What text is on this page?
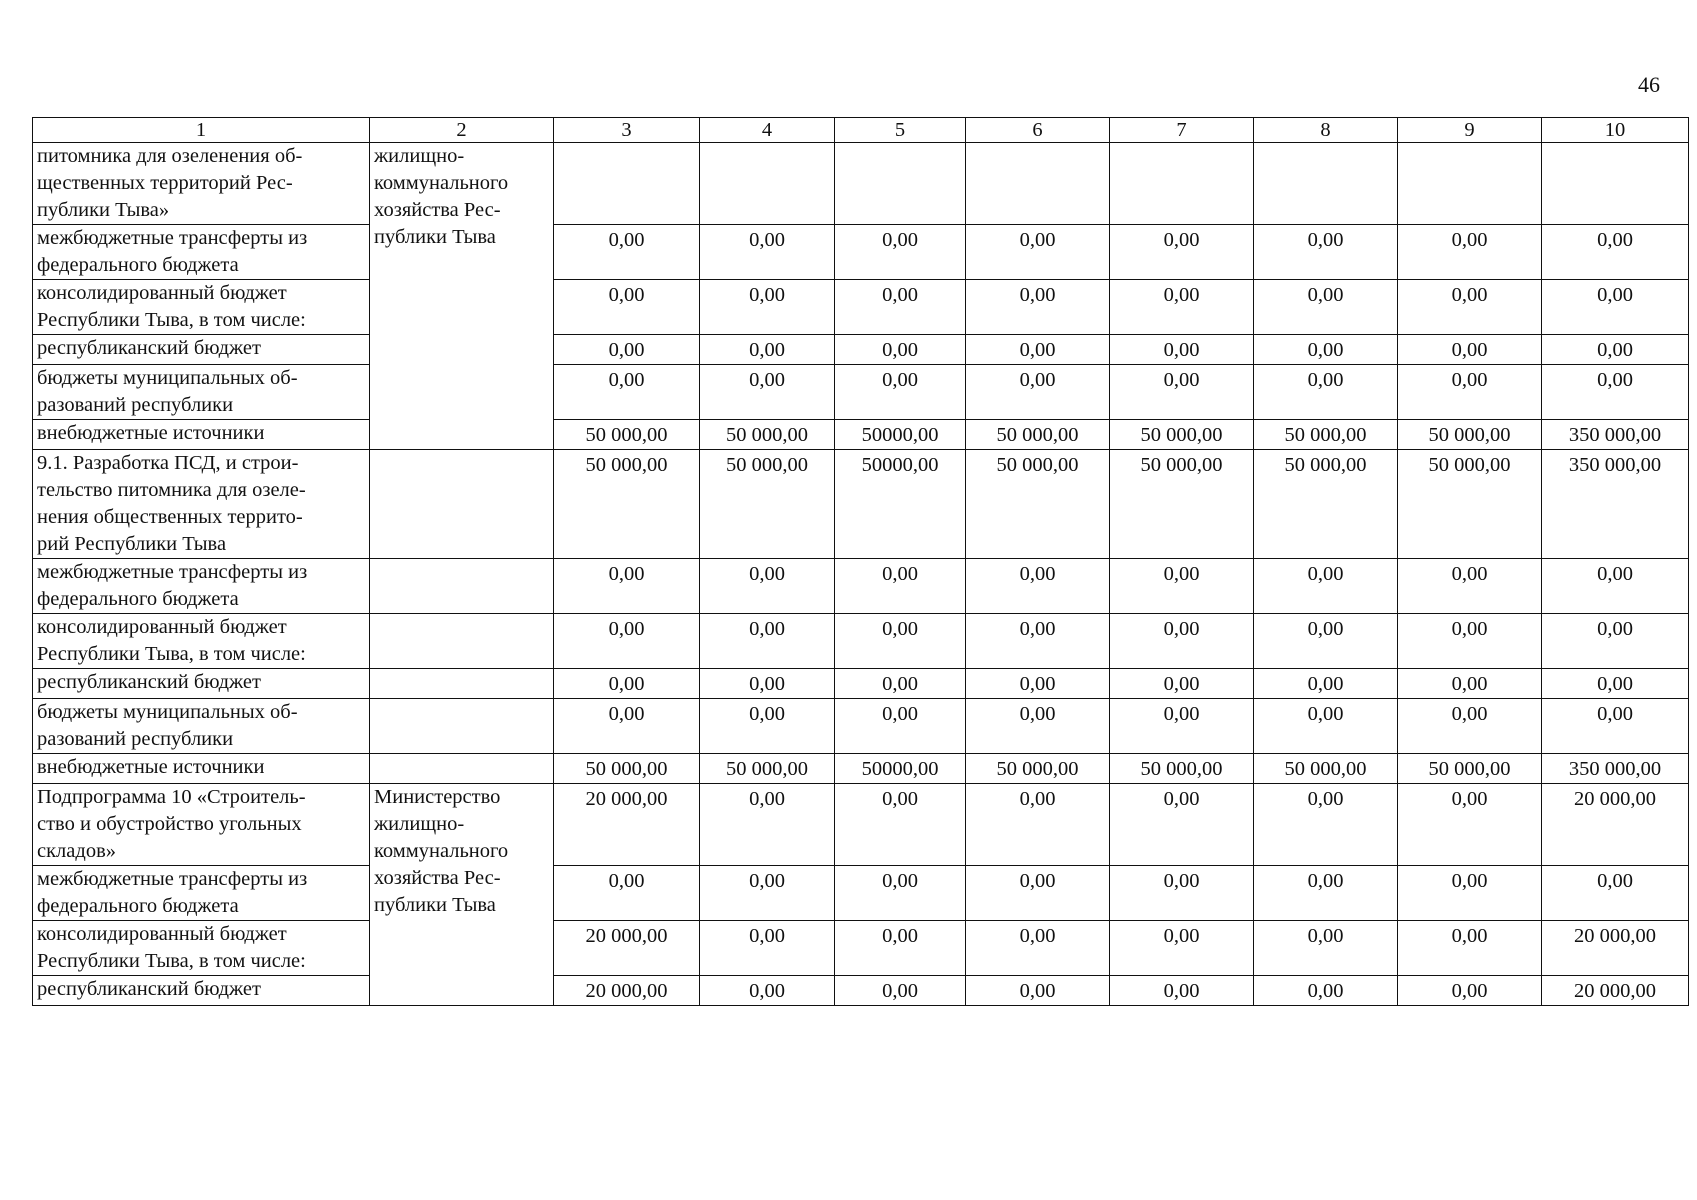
46
1	2	3	4	5	6	7	8	9	10
питомника для озеленения об-
щественных территорий Рес-
публики Тыва»	жилищно-
коммунального
хозяйства Рес-
публики Тыва								
межбюджетные трансферты из
федерального бюджета		0,00	0,00	0,00	0,00	0,00	0,00	0,00	0,00
консолидированный бюджет
Республики Тыва, в том числе:		0,00	0,00	0,00	0,00	0,00	0,00	0,00	0,00
республиканский бюджет		0,00	0,00	0,00	0,00	0,00	0,00	0,00	0,00
бюджеты муниципальных об-
разований республики		0,00	0,00	0,00	0,00	0,00	0,00	0,00	0,00
внебюджетные источники		50 000,00	50 000,00	50000,00	50 000,00	50 000,00	50 000,00	50 000,00	350 000,00
9.1. Разработка ПСД, и строи-
тельство питомника для озеле-
нения общественных террито-
рий Республики Тыва		50 000,00	50 000,00	50000,00	50 000,00	50 000,00	50 000,00	50 000,00	350 000,00
межбюджетные трансферты из
федерального бюджета		0,00	0,00	0,00	0,00	0,00	0,00	0,00	0,00
консолидированный бюджет
Республики Тыва, в том числе:		0,00	0,00	0,00	0,00	0,00	0,00	0,00	0,00
республиканский бюджет		0,00	0,00	0,00	0,00	0,00	0,00	0,00	0,00
бюджеты муниципальных об-
разований республики		0,00	0,00	0,00	0,00	0,00	0,00	0,00	0,00
внебюджетные источники		50 000,00	50 000,00	50000,00	50 000,00	50 000,00	50 000,00	50 000,00	350 000,00
Подпрограмма 10 «Строитель-
ство и обустройство угольных
складов»	Министерство
жилищно-
коммунального
хозяйства Рес-
публики Тыва	20 000,00	0,00	0,00	0,00	0,00	0,00	0,00	20 000,00
межбюджетные трансферты из
федерального бюджета		0,00	0,00	0,00	0,00	0,00	0,00	0,00	0,00
консолидированный бюджет
Республики Тыва, в том числе:		20 000,00	0,00	0,00	0,00	0,00	0,00	0,00	20 000,00
республиканский бюджет		20 000,00	0,00	0,00	0,00	0,00	0,00	0,00	20 000,00
